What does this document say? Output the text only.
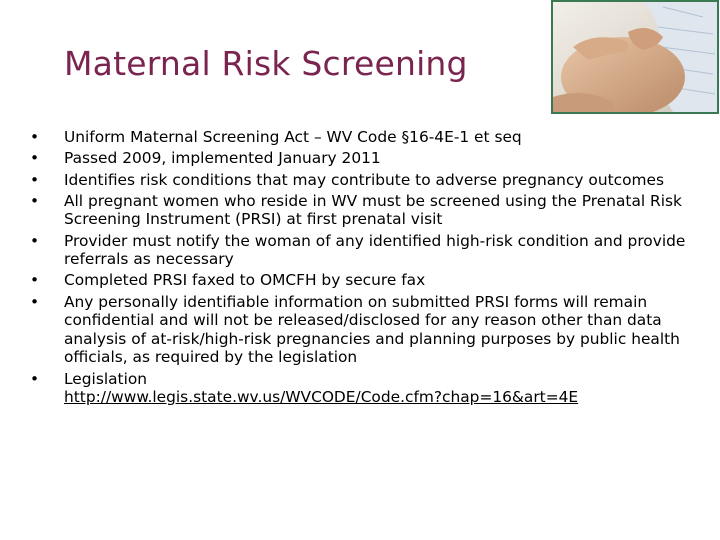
Maternal Risk Screening
•	Uniform Maternal Screening Act – WV Code §16-4E-1 et seq
•	Passed 2009, implemented January 2011
•	Identifies risk conditions that may contribute to adverse pregnancy outcomes
•	All pregnant women who reside in WV must be screened using the Prenatal Risk Screening Instrument (PRSI) at first prenatal visit
•	Provider must notify the woman of any identified high-risk condition and provide referrals as necessary
•	Completed PRSI faxed to OMCFH by secure fax
•	Any personally identifiable information on submitted PRSI forms will remain confidential and will not be released/disclosed for any reason other than data analysis of at-risk/high-risk pregnancies and planning purposes by public health officials, as required by the legislation
•	Legislation
http://www.legis.state.wv.us/WVCODE/Code.cfm?chap=16&art=4E
